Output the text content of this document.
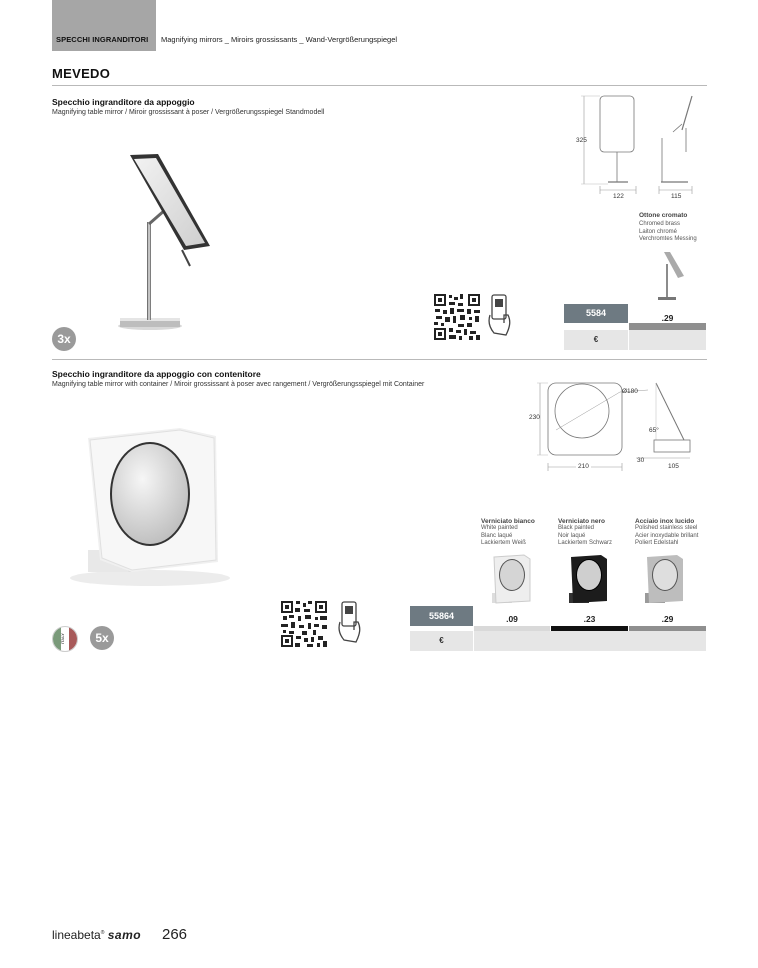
SPECCHI INGRANDITORI Magnifying mirrors _ Miroirs grossissants _ Wand-Vergrößerungspiegel
MEVEDO
Specchio ingranditore da appoggio
Magnifying table mirror / Miroir grossissant à poser / Vergrößerungsspiegel Standmodell
325
122	115
Ottone cromato
Chromed brass
Laiton chromé
Verchromtes Messing
5584	.29
€
3x
Specchio ingranditore da appoggio con contenitore
Magnifying table mirror with container / Miroir grossissant à poser avec rangement / Vergrößerungsspiegel mit Container
Ø180
230
210
65°
30
105
Verniciato bianco
White painted
Blanc laqué
Lackiertem Weiß
Verniciato nero
Black painted
Noir laqué
Lackiertem Schwarz
Acciaio inox lucido
Polished stainless steel
Acier inoxydable brillant
Poliert Edelstahl
55864	.09	.23	.29
€
ITALY	5x
lineabeta® samo 266
